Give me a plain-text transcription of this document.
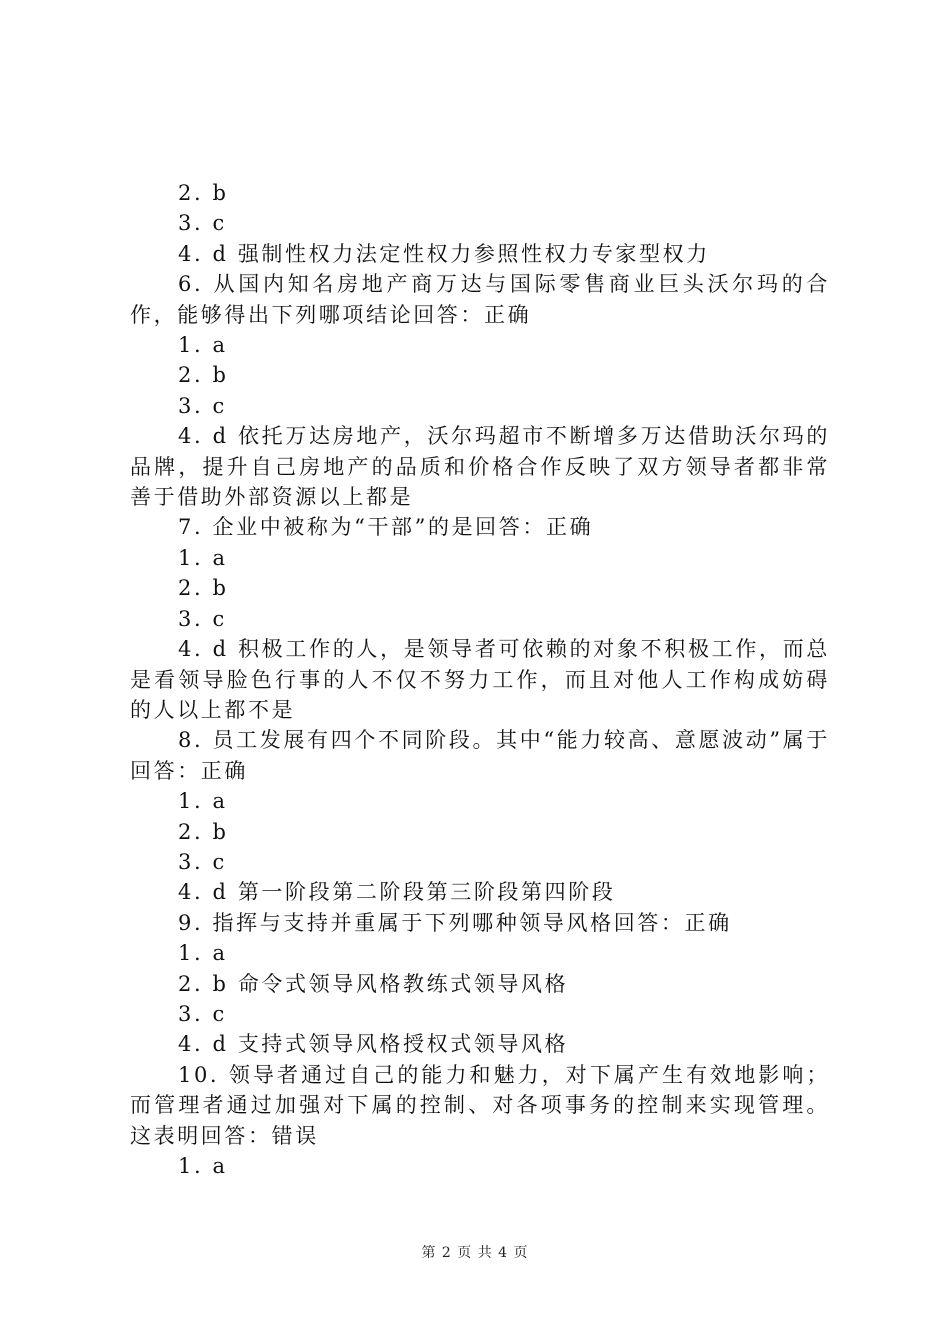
2. b
3. c
4. d 强制性权力法定性权力参照性权力专家型权力
6. 从国内知名房地产商万达与国际零售商业巨头沃尔玛的合作，能够得出下列哪项结论回答：正确
1. a
2. b
3. c
4. d 依托万达房地产，沃尔玛超市不断增多万达借助沃尔玛的品牌，提升自己房地产的品质和价格合作反映了双方领导者都非常善于借助外部资源以上都是
7. 企业中被称为“干部”的是回答：正确
1. a
2. b
3. c
4. d 积极工作的人，是领导者可依赖的对象不积极工作，而总是看领导脸色行事的人不仅不努力工作，而且对他人工作构成妨碍的人以上都不是
8. 员工发展有四个不同阶段。其中“能力较高、意愿波动”属于回答：正确
1. a
2. b
3. c
4. d 第一阶段第二阶段第三阶段第四阶段
9. 指挥与支持并重属于下列哪种领导风格回答：正确
1. a
2. b 命令式领导风格教练式领导风格
3. c
4. d 支持式领导风格授权式领导风格
10. 领导者通过自己的能力和魅力，对下属产生有效地影响；而管理者通过加强对下属的控制、对各项事务的控制来实现管理。这表明回答：错误
1. a
第 2 页 共 4 页
